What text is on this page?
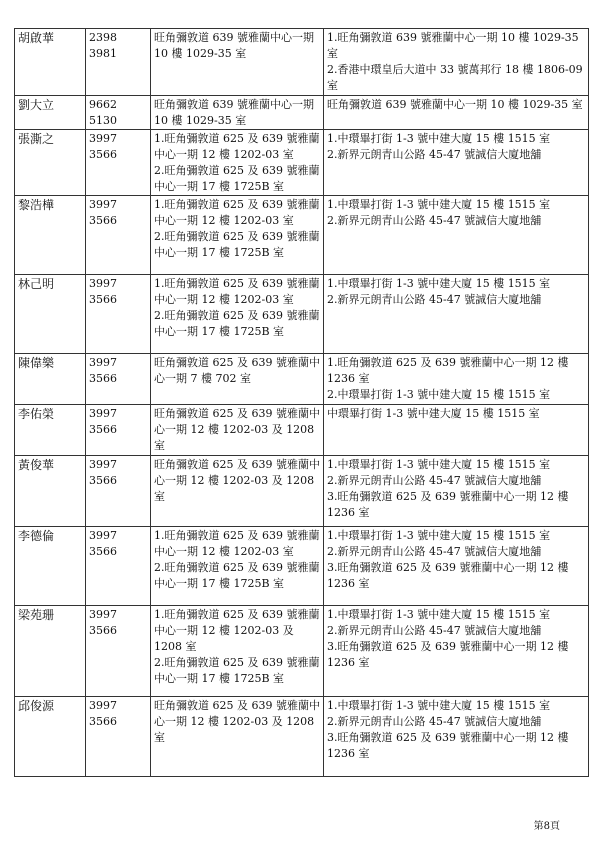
胡啟華	2398 3981	旺角彌敦道 639 號雅蘭中心一期 10 樓 1029-35 室	1.旺角彌敦道 639 號雅蘭中心一期 10 樓 1029-35 室
2.香港中環皇后大道中 33 號萬邦行 18 樓 1806-09 室

劉大立	9662 5130	旺角彌敦道 639 號雅蘭中心一期 10 樓 1029-35 室	旺角彌敦道 639 號雅蘭中心一期 10 樓 1029-35 室

張澌之	3997 3566	1.旺角彌敦道 625 及 639 號雅蘭中心一期 12 樓 1202-03 室
2.旺角彌敦道 625 及 639 號雅蘭中心一期 17 樓 1725B 室	1.中環畢打街 1-3 號中建大廈 15 樓 1515 室
2.新界元朗青山公路 45-47 號誠信大廈地舖

黎浩樺	3997 3566	1.旺角彌敦道 625 及 639 號雅蘭中心一期 12 樓 1202-03 室
2.旺角彌敦道 625 及 639 號雅蘭中心一期 17 樓 1725B 室	1.中環畢打街 1-3 號中建大廈 15 樓 1515 室
2.新界元朗青山公路 45-47 號誠信大廈地舖

林己明	3997 3566	1.旺角彌敦道 625 及 639 號雅蘭中心一期 12 樓 1202-03 室
2.旺角彌敦道 625 及 639 號雅蘭中心一期 17 樓 1725B 室	1.中環畢打街 1-3 號中建大廈 15 樓 1515 室
2.新界元朗青山公路 45-47 號誠信大廈地舖

陳偉樂	3997 3566	旺角彌敦道 625 及 639 號雅蘭中心一期 7 樓 702 室	1.旺角彌敦道 625 及 639 號雅蘭中心一期 12 樓 1236 室
2.中環畢打街 1-3 號中建大廈 15 樓 1515 室

李佑榮	3997 3566	旺角彌敦道 625 及 639 號雅蘭中心一期 12 樓 1202-03 及 1208 室	中環畢打街 1-3 號中建大廈 15 樓 1515 室

黃俊華	3997 3566	旺角彌敦道 625 及 639 號雅蘭中心一期 12 樓 1202-03 及 1208 室	1.中環畢打街 1-3 號中建大廈 15 樓 1515 室
2.新界元朗青山公路 45-47 號誠信大廈地舖
3.旺角彌敦道 625 及 639 號雅蘭中心一期 12 樓 1236 室

李德倫	3997 3566	1.旺角彌敦道 625 及 639 號雅蘭中心一期 12 樓 1202-03 室
2.旺角彌敦道 625 及 639 號雅蘭中心一期 17 樓 1725B 室	1.中環畢打街 1-3 號中建大廈 15 樓 1515 室
2.新界元朗青山公路 45-47 號誠信大廈地舖
3.旺角彌敦道 625 及 639 號雅蘭中心一期 12 樓 1236 室

梁苑珊	3997 3566	1.旺角彌敦道 625 及 639 號雅蘭中心一期 12 樓 1202-03 及 1208 室
2.旺角彌敦道 625 及 639 號雅蘭中心一期 17 樓 1725B 室	1.中環畢打街 1-3 號中建大廈 15 樓 1515 室
2.新界元朗青山公路 45-47 號誠信大廈地舖
3.旺角彌敦道 625 及 639 號雅蘭中心一期 12 樓 1236 室

邱俊源	3997 3566	旺角彌敦道 625 及 639 號雅蘭中心一期 12 樓 1202-03 及 1208 室	1.中環畢打街 1-3 號中建大廈 15 樓 1515 室
2.新界元朗青山公路 45-47 號誠信大廈地舖
3.旺角彌敦道 625 及 639 號雅蘭中心一期 12 樓 1236 室
第8頁
